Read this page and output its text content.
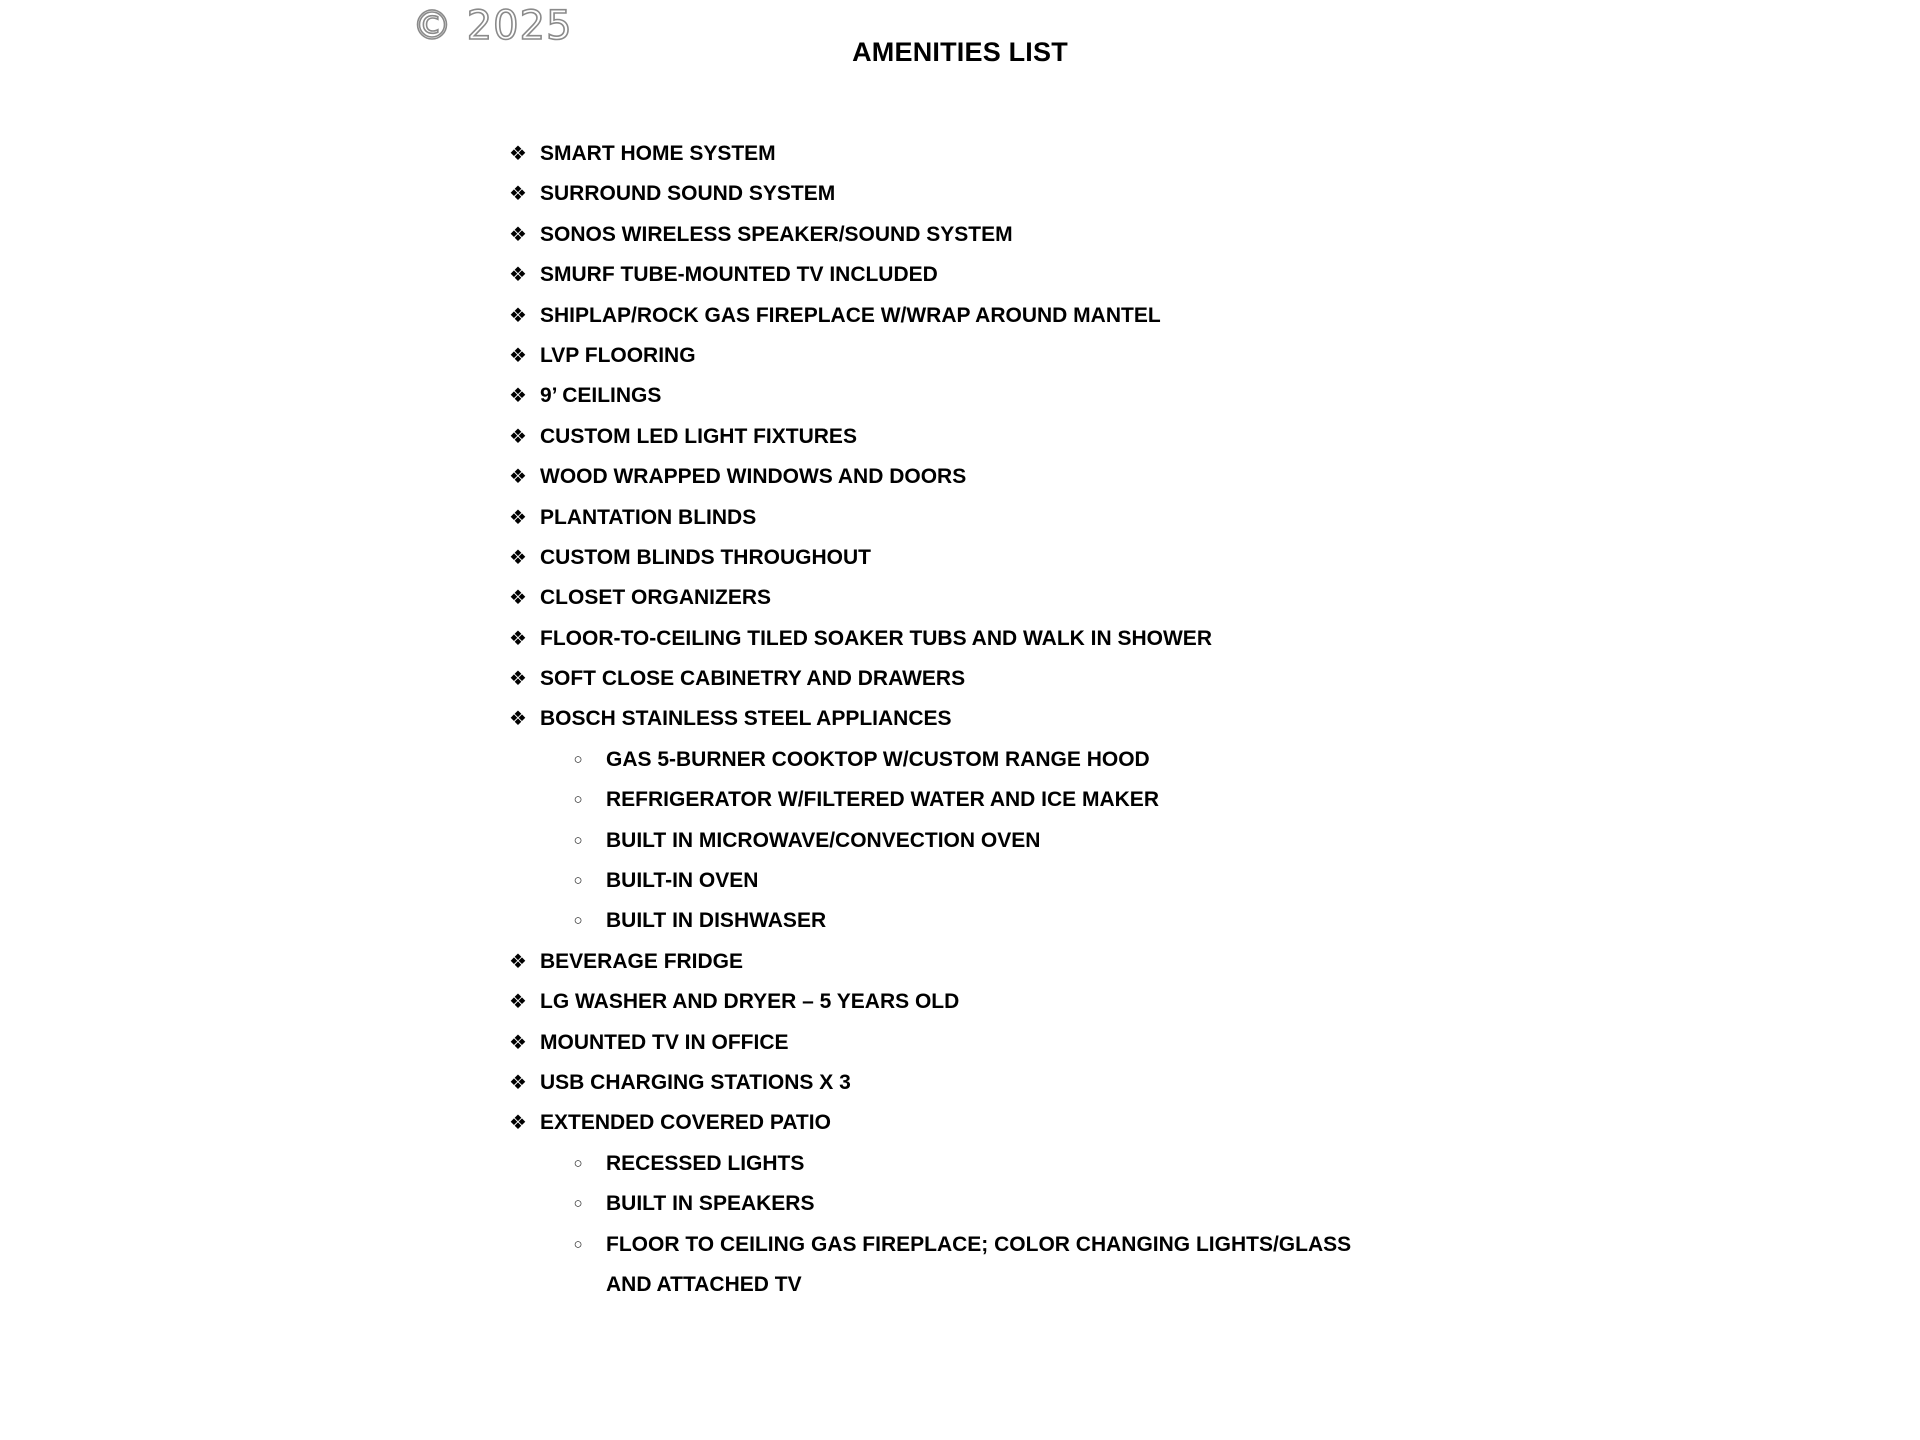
© 2025
AMENITIES LIST
❖ SMART HOME SYSTEM
❖ SURROUND SOUND SYSTEM
❖ SONOS WIRELESS SPEAKER/SOUND SYSTEM
❖ SMURF TUBE-MOUNTED TV INCLUDED
❖ SHIPLAP/ROCK GAS FIREPLACE W/WRAP AROUND MANTEL
❖ LVP FLOORING
❖ 9’ CEILINGS
❖ CUSTOM LED LIGHT FIXTURES
❖ WOOD WRAPPED WINDOWS AND DOORS
❖ PLANTATION BLINDS
❖ CUSTOM BLINDS THROUGHOUT
❖ CLOSET ORGANIZERS
❖ FLOOR-TO-CEILING TILED SOAKER TUBS AND WALK IN SHOWER
❖ SOFT CLOSE CABINETRY AND DRAWERS
❖ BOSCH STAINLESS STEEL APPLIANCES
○ GAS 5-BURNER COOKTOP W/CUSTOM RANGE HOOD
○ REFRIGERATOR W/FILTERED WATER AND ICE MAKER
○ BUILT IN MICROWAVE/CONVECTION OVEN
○ BUILT-IN OVEN
○ BUILT IN DISHWASER
❖ BEVERAGE FRIDGE
❖ LG WASHER AND DRYER – 5 YEARS OLD
❖ MOUNTED TV IN OFFICE
❖ USB CHARGING STATIONS X 3
❖ EXTENDED COVERED PATIO
○ RECESSED LIGHTS
○ BUILT IN SPEAKERS
○ FLOOR TO CEILING GAS FIREPLACE; COLOR CHANGING LIGHTS/GLASS AND ATTACHED TV
